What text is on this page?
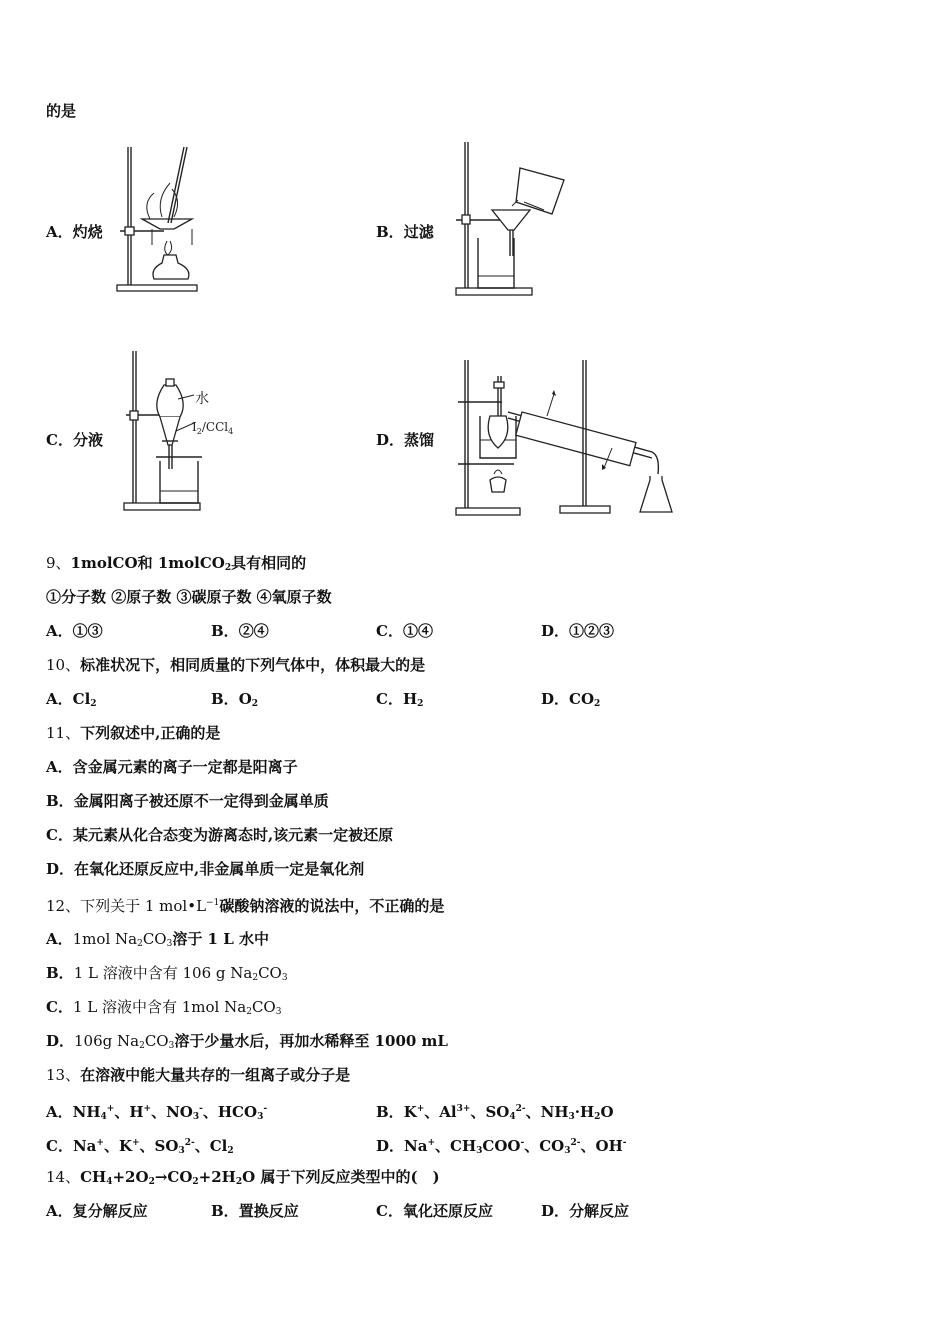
的是
A．灼烧	B．过滤
C．分液
水
$I_2/CCl_4$	D．蒸馏
9、1molCO和 1molCO$_2$具有相同的
①分子数 ②原子数 ③碳原子数 ④氧原子数
A．①③	B．②④	C．①④	D．①②③
10、标准状况下，相同质量的下列气体中，体积最大的是
A．$Cl_2$	B．$O_2$	C．$H_2$	D．$CO_2$
11、下列叙述中,正确的是
A．含金属元素的离子一定都是阳离子
B．金属阳离子被还原不一定得到金属单质
C．某元素从化合态变为游离态时,该元素一定被还原
D．在氧化还原反应中,非金属单质一定是氧化剂
12、下列关于 1 $mol•L^{-1}$碳酸钠溶液的说法中，不正确的是
A．1mol $Na_2CO_3$溶于 1 L 水中
B．1 L 溶液中含有 106 g $Na_2CO_3$
C．1 L 溶液中含有 1mol $Na_2CO_3$
D．106g $Na_2CO_3$溶于少量水后，再加水稀释至 1000 mL
13、在溶液中能大量共存的一组离子或分子是
A．$NH_4^+$、H+、$NO_3^-$、$HCO_3^-$	B．K+、$Al^{3+}$、$SO_4^{2-}$、$NH_3\cdot H_2O$
C．Na+、K+、$SO_3^{2-}$、$Cl_2$	D．Na+、$CH_3COO^-$、$CO_3^{2-}$、OH-
14、$CH_4+2O_2\to CO_2+2H_2O$ 属于下列反应类型中的(　)
A．复分解反应	B．置换反应	C．氧化还原反应	D．分解反应
